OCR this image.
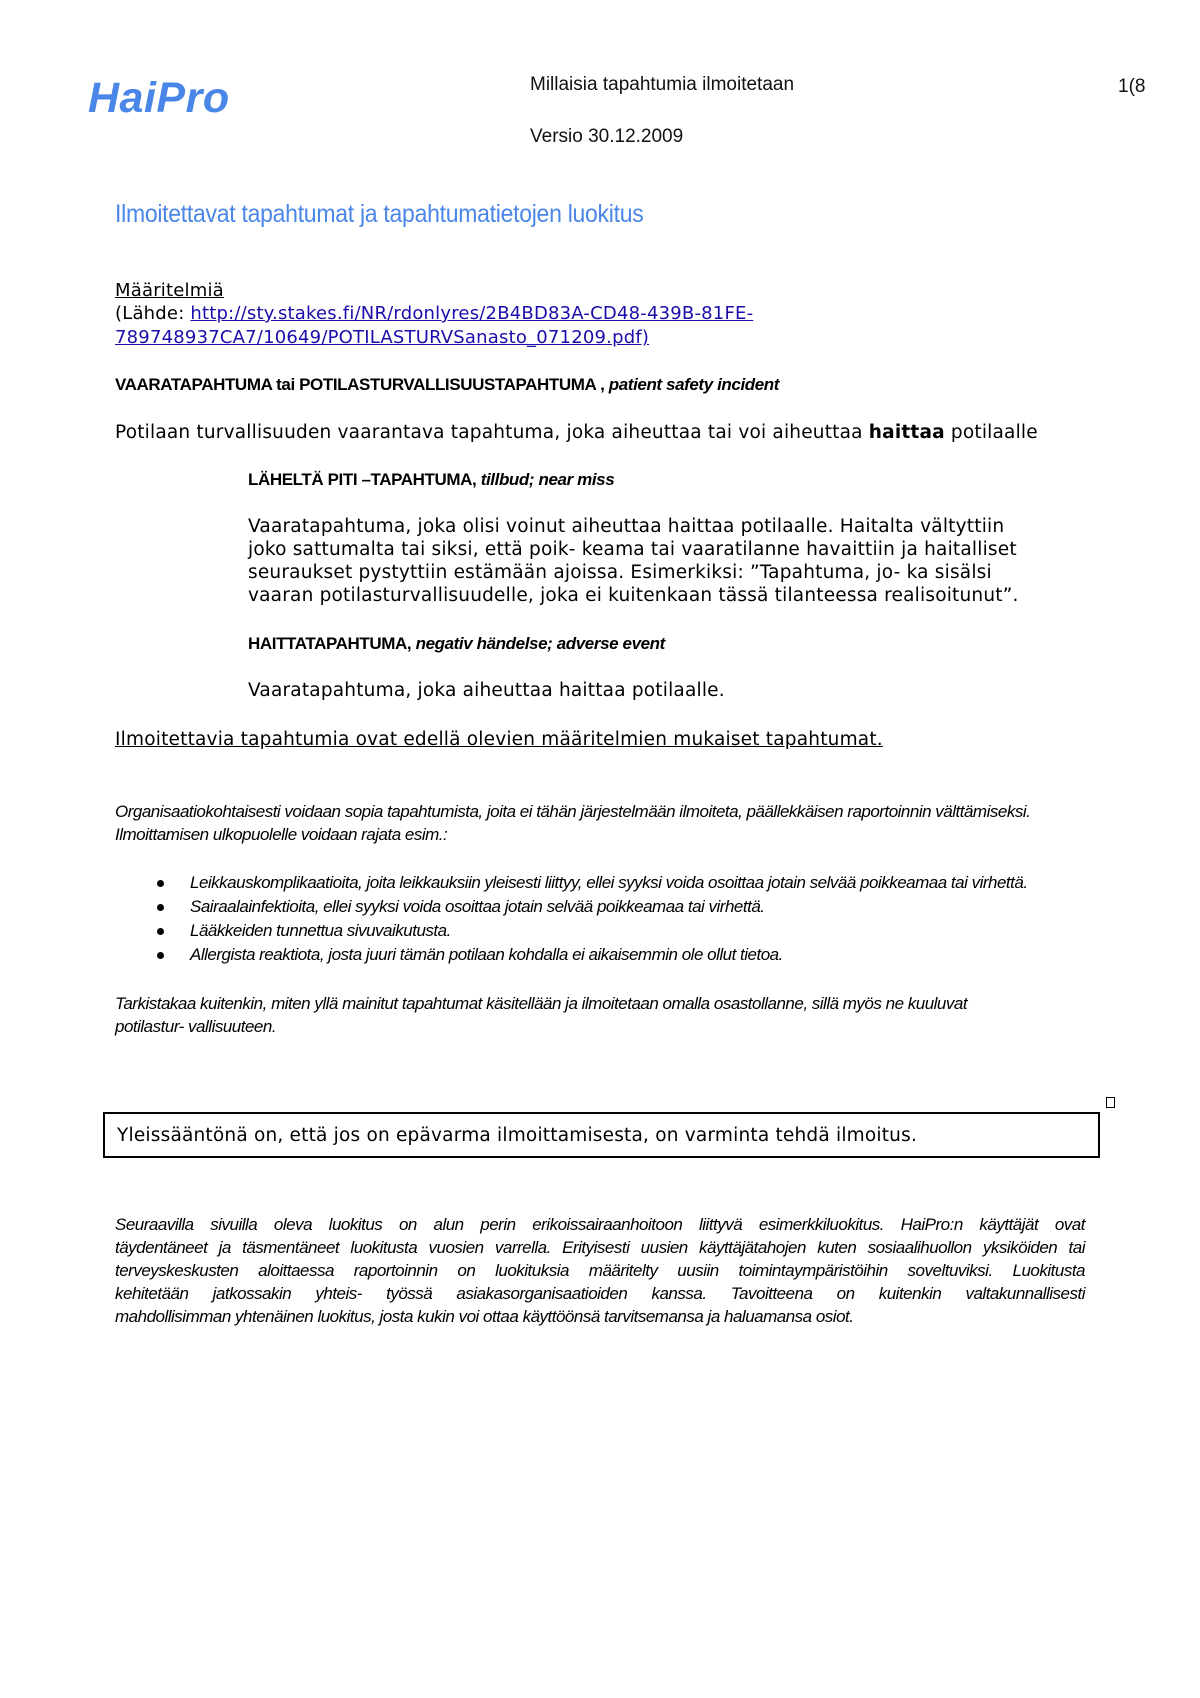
HaiPro	Millaisia tapahtumia ilmoitetaan	1(8
Versio 30.12.2009
Ilmoitettavat tapahtumat ja tapahtumatietojen luokitus
Määritelmiä
(Lähde: http://sty.stakes.fi/NR/rdonlyres/2B4BD83A-CD48-439B-81FE-
789748937CA7/10649/POTILASTURVSanasto_071209.pdf)
VAARATAPAHTUMA tai POTILASTURVALLISUUSTAPAHTUMA , patient safety incident
Potilaan turvallisuuden vaarantava tapahtuma, joka aiheuttaa tai voi aiheuttaa haittaa potilaalle
LÄHELTÄ PITI –TAPAHTUMA, tillbud; near miss
Vaaratapahtuma, joka olisi voinut aiheuttaa haittaa potilaalle. Haitalta vältyttiin
joko sattumalta tai siksi, että poik- keama tai vaaratilanne havaittiin ja haitalliset
seuraukset pystyttiin estämään ajoissa. Esimerkiksi: ”Tapahtuma, jo- ka sisälsi
vaaran potilasturvallisuudelle, joka ei kuitenkaan tässä tilanteessa realisoitunut”.
HAITTATAPAHTUMA, negativ händelse; adverse event
Vaaratapahtuma, joka aiheuttaa haittaa potilaalle.
Ilmoitettavia tapahtumia ovat edellä olevien määritelmien mukaiset tapahtumat.
Organisaatiokohtaisesti voidaan sopia tapahtumista, joita ei tähän järjestelmään ilmoiteta, päällekkäisen raportoinnin välttämiseksi.
Ilmoittamisen ulkopuolelle voidaan rajata esim.:
Leikkauskomplikaatioita, joita leikkauksiin yleisesti liittyy, ellei syyksi voida osoittaa jotain selvää poikkeamaa tai virhettä.
Sairaalainfektioita, ellei syyksi voida osoittaa jotain selvää poikkeamaa tai virhettä.
Lääkkeiden tunnettua sivuvaikutusta.
Allergista reaktiota, josta juuri tämän potilaan kohdalla ei aikaisemmin ole ollut tietoa.
Tarkistakaa kuitenkin, miten yllä mainitut tapahtumat käsitellään ja ilmoitetaan omalla osastollanne, sillä myös ne kuuluvat
potilastur- vallisuuteen.
Yleissääntönä on, että jos on epävarma ilmoittamisesta, on varminta tehdä ilmoitus.
Seuraavilla sivuilla oleva luokitus on alun perin erikoissairaanhoitoon liittyvä esimerkkiluokitus. HaiPro:n käyttäjät ovat
täydentäneet ja täsmentäneet luokitusta vuosien varrella. Erityisesti uusien käyttäjätahojen kuten sosiaalihuollon yksiköiden tai
terveyskeskusten aloittaessa raportoinnin on luokituksia määritelty uusiin toimintaympäristöihin soveltuviksi. Luokitusta
kehitetään jatkossakin yhteis- työssä asiakasorganisaatioiden kanssa. Tavoitteena on kuitenkin valtakunnallisesti
mahdollisimman yhtenäinen luokitus, josta kukin voi ottaa käyttöönsä tarvitsemansa ja haluamansa osiot.
